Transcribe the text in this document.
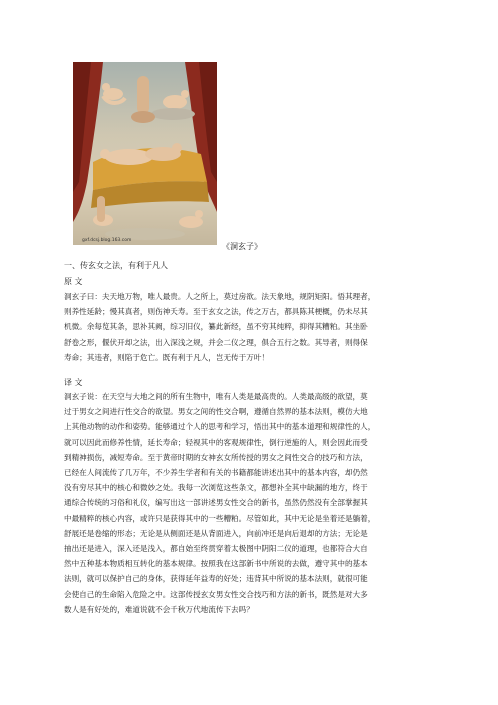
gxf.dcsj.blog.163.com
《洞玄子》
一、传玄女之法，有利于凡人
原 文
洞玄子曰：夫天地万物，唯人最贵。人之所上，莫过房欲。法天象地，规阴矩阳。悟其理者，
则养性延龄；慢其真者，则伤神夭寿。至于玄女之法，传之万古，都具陈其梗概，仍未尽其
机微。余每览其条，思补其阙，综习旧仪，纂此新经，虽不穷其纯粹，抑得其糟粕。其坐卧
舒卷之形，偃伏开却之法，出入深浅之规，并会二仪之理，俱合五行之数。其导者，则得保
寿命；其违者，则陷于危亡。既有利于凡人，岂无传于万叶！
译 文
洞玄子说：在天空与大地之间的所有生物中，唯有人类是最高贵的。人类最高级的欲望，莫
过于男女之间进行性交合的欲望。男女之间的性交合啊，遵循自然界的基本法则，模仿大地
上其他动物的动作和姿势。能够通过个人的思考和学习，悟出其中的基本道理和规律性的人，
就可以因此而修养性情，延长寿命；轻视其中的客观规律性，倒行逆施的人，则会因此而受
到精神损伤，减短寿命。至于黄帝时期的女神玄女所传授的男女之间性交合的技巧和方法，
已经在人间流传了几万年，不少养生学者和有关的书籍都能讲述出其中的基本内容，却仍然
没有穷尽其中的核心和微妙之处。我每一次浏览这些条文，都想补全其中缺漏的地方，终于
通综合传统的习俗和礼仪，编写出这一部讲述男女性交合的新书，虽然仍然没有全部掌握其
中最精粹的核心内容，或许只是获得其中的一些糟粕。尽管如此，其中无论是坐着还是躺着，
舒展还是卷缩的形态；无论是从侧面还是从背面进入，向前冲还是向后退却的方法；无论是
抽出还是进入，深入还是浅入，都自始至终贯穿着太极图中阴阳二仪的道理，也都符合大自
然中五种基本物质相互转化的基本规律。按照我在这部新书中所说的去做，遵守其中的基本
法则，就可以保护自己的身体，获得延年益寿的好处；违背其中所说的基本法则，就很可能
会使自己的生命陷入危险之中。这部传授玄女男女性交合技巧和方法的新书，既然是对大多
数人是有好处的，难道说就不会千秋万代地流传下去吗？
